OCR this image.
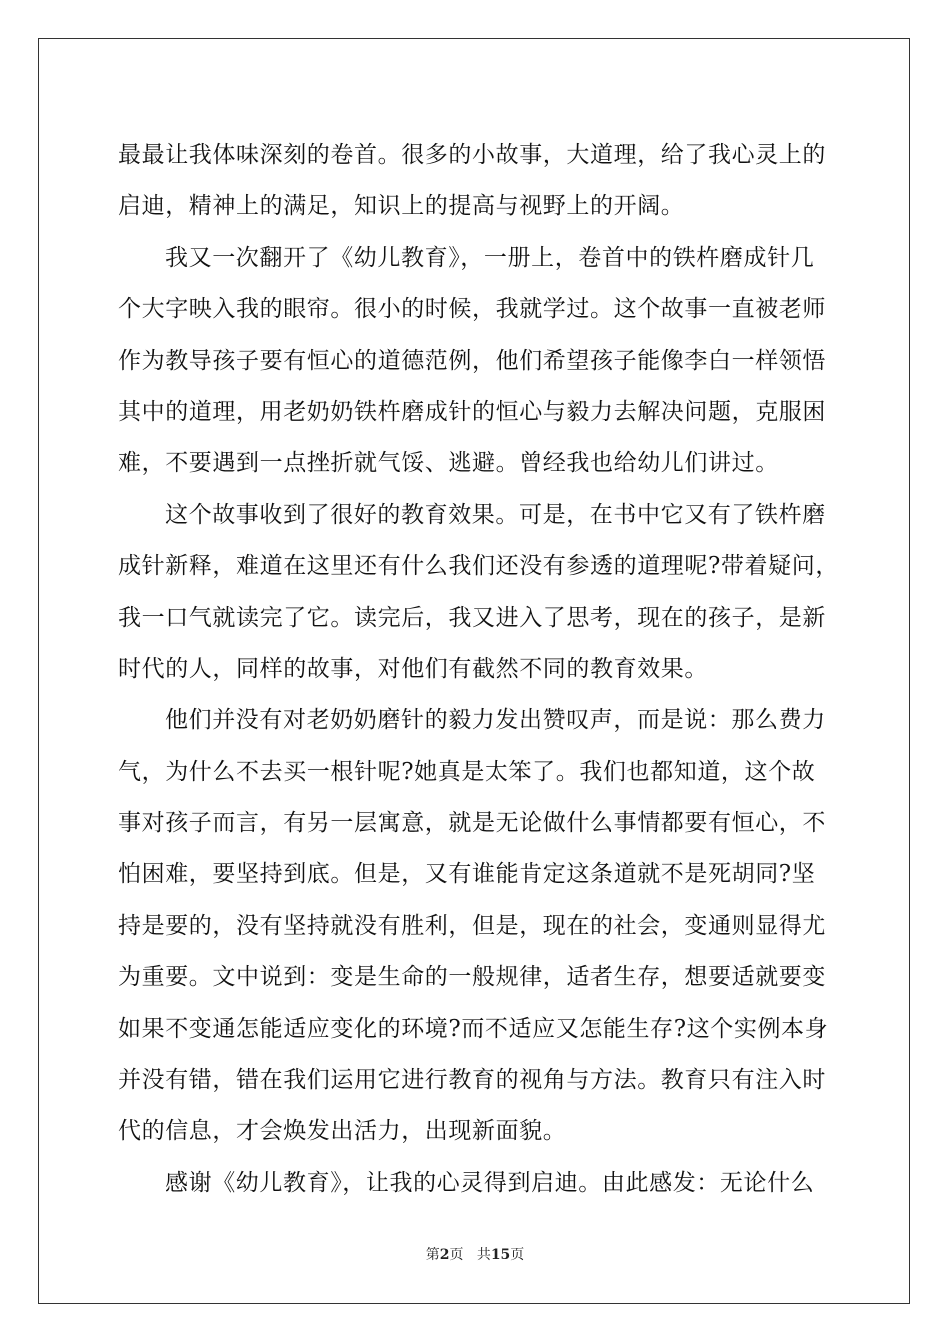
最最让我体味深刻的卷首。很多的小故事，大道理，给了我心灵上的
启迪，精神上的满足，知识上的提高与视野上的开阔。
我又一次翻开了《幼儿教育》，一册上，卷首中的铁杵磨成针几
个大字映入我的眼帘。很小的时候，我就学过。这个故事一直被老师
作为教导孩子要有恒心的道德范例，他们希望孩子能像李白一样领悟
其中的道理，用老奶奶铁杵磨成针的恒心与毅力去解决问题，克服困
难，不要遇到一点挫折就气馁、逃避。曾经我也给幼儿们讲过。
这个故事收到了很好的教育效果。可是，在书中它又有了铁杵磨
成针新释，难道在这里还有什么我们还没有参透的道理呢?带着疑问，
我一口气就读完了它。读完后，我又进入了思考，现在的孩子，是新
时代的人，同样的故事，对他们有截然不同的教育效果。
他们并没有对老奶奶磨针的毅力发出赞叹声，而是说：那么费力
气，为什么不去买一根针呢?她真是太笨了。我们也都知道，这个故
事对孩子而言，有另一层寓意，就是无论做什么事情都要有恒心，不
怕困难，要坚持到底。但是，又有谁能肯定这条道就不是死胡同?坚
持是要的，没有坚持就没有胜利，但是，现在的社会，变通则显得尤
为重要。文中说到：变是生命的一般规律，适者生存，想要适就要变
如果不变通怎能适应变化的环境?而不适应又怎能生存?这个实例本身
并没有错，错在我们运用它进行教育的视角与方法。教育只有注入时
代的信息，才会焕发出活力，出现新面貌。
感谢《幼儿教育》，让我的心灵得到启迪。由此感发：无论什么
第2页 共15页
